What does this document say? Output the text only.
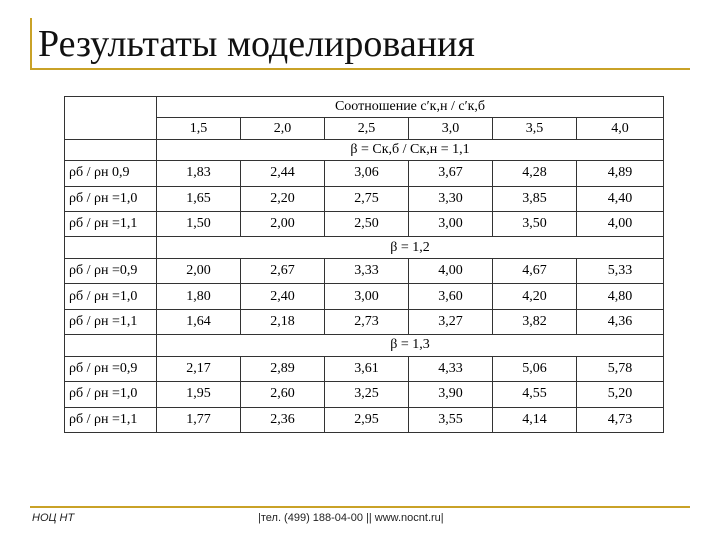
Результаты моделирования
	Соотношение c′к,н / c′к,б					
	1,5	2,0	2,5	3,0	3,5	4,0
	β = Cк,б / Cк,н = 1,1					
ρб / ρн 0,9	1,83	2,44	3,06	3,67	4,28	4,89
ρб / ρн =1,0	1,65	2,20	2,75	3,30	3,85	4,40
ρб / ρн =1,1	1,50	2,00	2,50	3,00	3,50	4,00
	β = 1,2					
ρб / ρн =0,9	2,00	2,67	3,33	4,00	4,67	5,33
ρб / ρн =1,0	1,80	2,40	3,00	3,60	4,20	4,80
ρб / ρн =1,1	1,64	2,18	2,73	3,27	3,82	4,36
	β = 1,3					
ρб / ρн =0,9	2,17	2,89	3,61	4,33	5,06	5,78
ρб / ρн =1,0	1,95	2,60	3,25	3,90	4,55	5,20
ρб / ρн =1,1	1,77	2,36	2,95	3,55	4,14	4,73
НОЦ НТ	|тел. (499) 188-04-00 || www.nocnt.ru|
